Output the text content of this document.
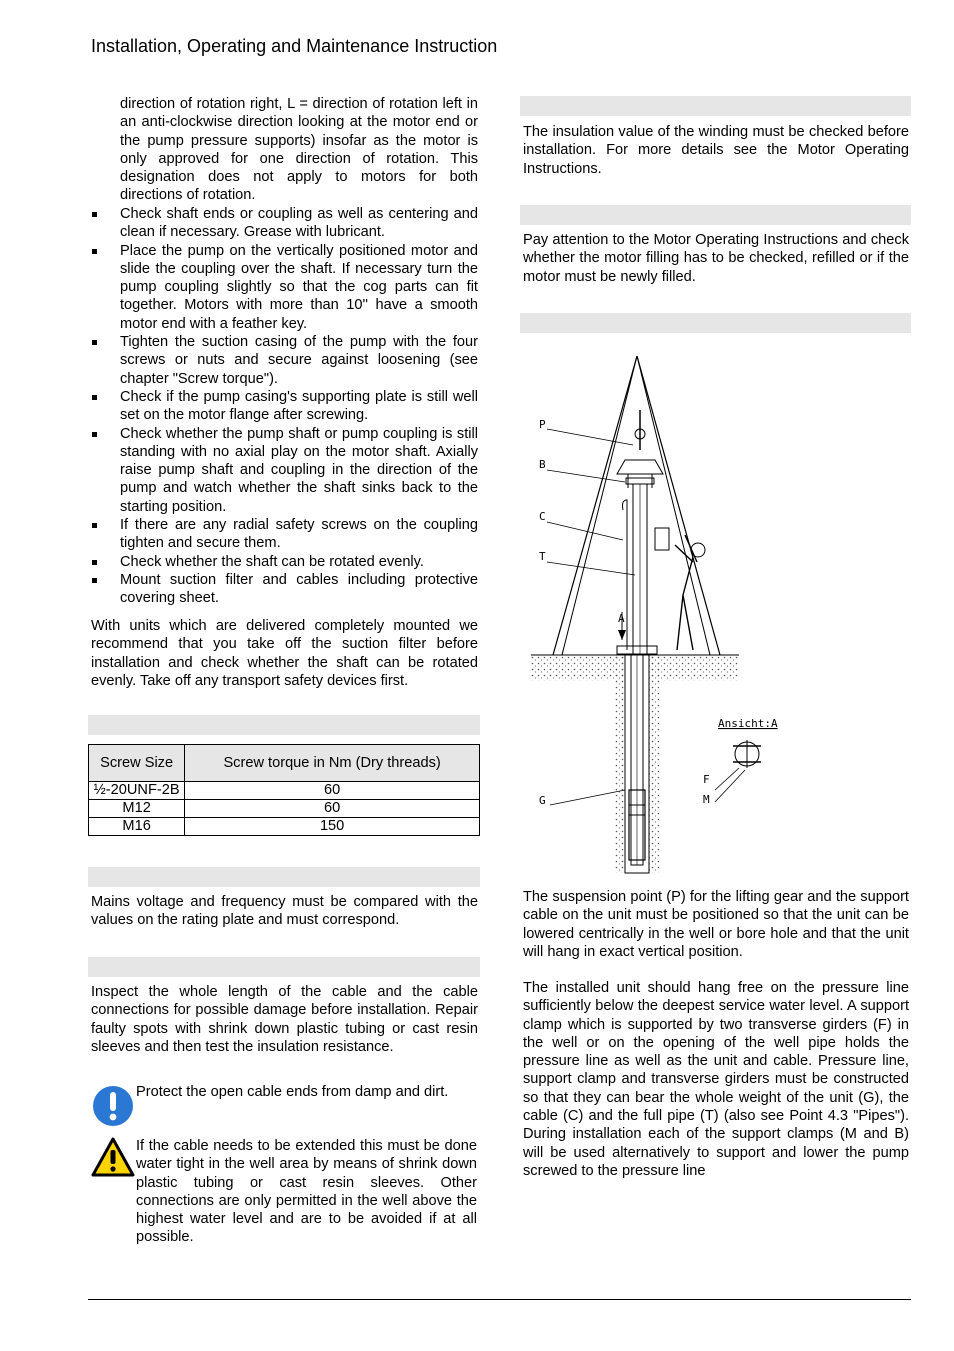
Installation, Operating and Maintenance Instruction
direction of rotation right, L = direction of rotation left in an anti-clockwise direction looking at the motor end or the pump pressure supports) insofar as the motor is only approved for one direction of rotation. This designation does not apply to motors for both directions of rotation.
Check shaft ends or coupling as well as centering and clean if necessary. Grease with lubricant.
Place the pump on the vertically positioned motor and slide the coupling over the shaft. If necessary turn the pump coupling slightly so that the cog parts can fit together. Motors with more than 10'' have a smooth motor end with a feather key.
Tighten the suction casing of the pump with the four screws or nuts and secure against loosening (see chapter "Screw torque").
Check if the pump casing's supporting plate is still well set on the motor flange after screwing.
Check whether the pump shaft or pump coupling is still standing with no axial play on the motor shaft. Axially raise pump shaft and coupling in the direction of the pump and watch whether the shaft sinks back to the starting position.
If there are any radial safety screws on the coupling tighten and secure them.
Check whether the shaft can be rotated evenly.
Mount suction filter and cables including protective covering sheet.
With units which are delivered completely mounted we recommend that you take off the suction filter before installation and check whether the shaft can be rotated evenly. Take off any transport safety devices first.
Screw Size	Screw torque in Nm (Dry threads)
½-20UNF-2B	60
M12	60
M16	150
Mains voltage and frequency must be compared with the values on the rating plate and must correspond.
Inspect the whole length of the cable and the cable connections for possible damage before installation. Repair faulty spots with shrink down plastic tubing or cast resin sleeves and then test the insulation resistance.
Protect the open cable ends from damp and dirt.
If the cable needs to be extended this must be done water tight in the well area by means of shrink down plastic tubing or cast resin sleeves. Other connections are only permitted in the well above the highest water level and are to be avoided if at all possible.
The insulation value of the winding must be checked before installation. For more details see the Motor Operating Instructions.
Pay attention to the Motor Operating Instructions and check whether the motor filling has to be checked, refilled or if the motor must be newly filled.
P
B
C
T
A
G
F
M
Ansicht:A
The suspension point (P) for the lifting gear and the support cable on the unit must be positioned so that the unit can be lowered centrically in the well or bore hole and that the unit will hang in exact vertical position.
The installed unit should hang free on the pressure line sufficiently below the deepest service water level. A support clamp which is supported by two transverse girders (F) in the well or on the opening of the well pipe holds the pressure line as well as the unit and cable. Pressure line, support clamp and transverse girders must be constructed so that they can bear the whole weight of the unit (G), the cable (C) and the full pipe (T) (also see Point 4.3 "Pipes"). During installation each of the support clamps (M and B) will be used alternatively to support and lower the pump screwed to the pressure line
